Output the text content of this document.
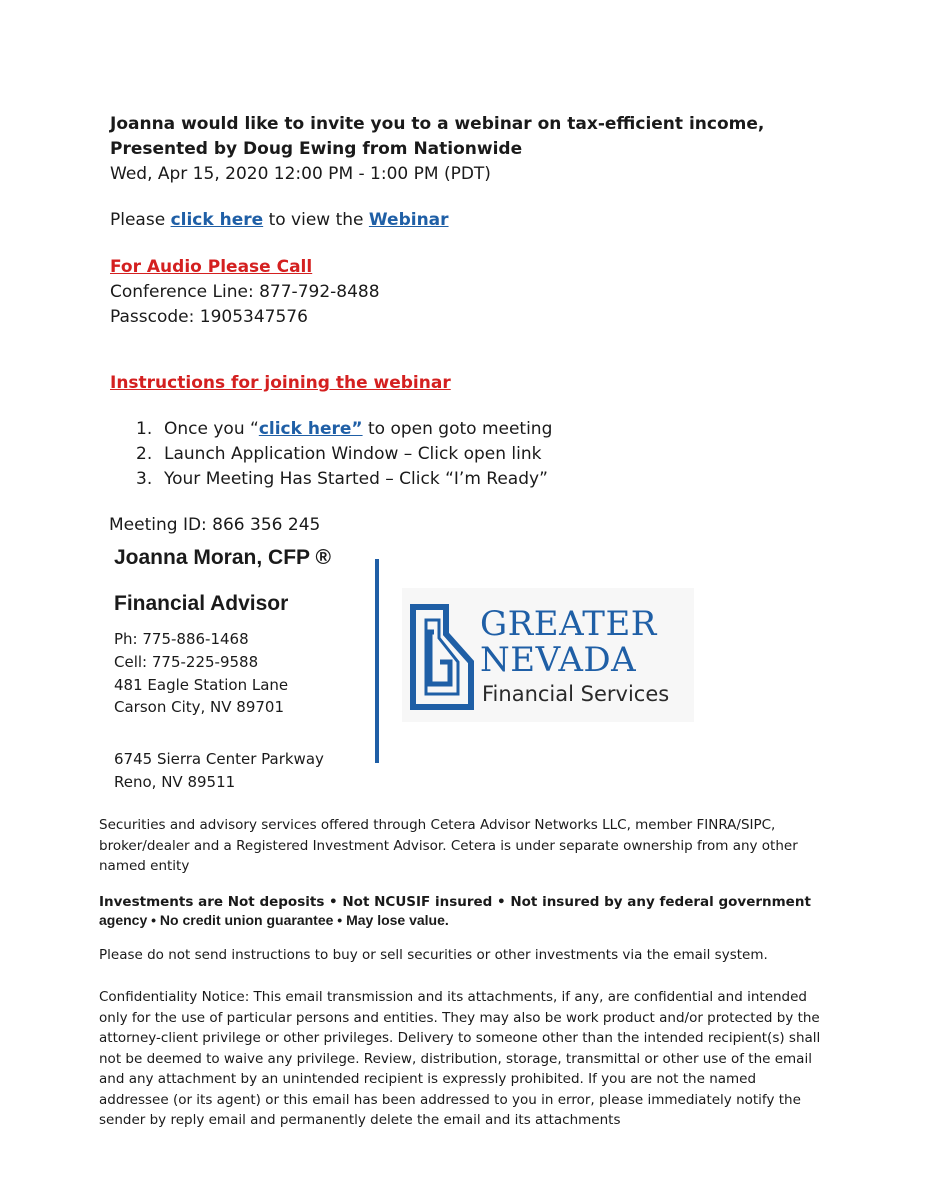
Joanna would like to invite you to a webinar on tax-efficient income,
Presented by Doug Ewing from Nationwide
Wed, Apr 15, 2020 12:00 PM - 1:00 PM (PDT)
Please click here to view the Webinar
For Audio Please Call
Conference Line: 877-792-8488
Passcode: 1905347576
Instructions for joining the webinar
1. Once you “click here” to open goto meeting
2. Launch Application Window – Click open link
3. Your Meeting Has Started – Click “I’m Ready”
Meeting ID: 866 356 245
Joanna Moran, CFP ®
Financial Advisor
Ph: 775-886-1468
Cell: 775-225-9588
481 Eagle Station Lane
Carson City, NV 89701
6745 Sierra Center Parkway
Reno, NV 89511
GREATER
NEVADA
Financial Services
Securities and advisory services offered through Cetera Advisor Networks LLC, member FINRA/SIPC, broker/dealer and a Registered Investment Advisor. Cetera is under separate ownership from any other named entity
Investments are Not deposits • Not NCUSIF insured • Not insured by any federal government
agency • No credit union guarantee • May lose value.
Please do not send instructions to buy or sell securities or other investments via the email system.
Confidentiality Notice: This email transmission and its attachments, if any, are confidential and intended only for the use of particular persons and entities. They may also be work product and/or protected by the attorney-client privilege or other privileges. Delivery to someone other than the intended recipient(s) shall not be deemed to waive any privilege. Review, distribution, storage, transmittal or other use of the email and any attachment by an unintended recipient is expressly prohibited. If you are not the named addressee (or its agent) or this email has been addressed to you in error, please immediately notify the sender by reply email and permanently delete the email and its attachments
